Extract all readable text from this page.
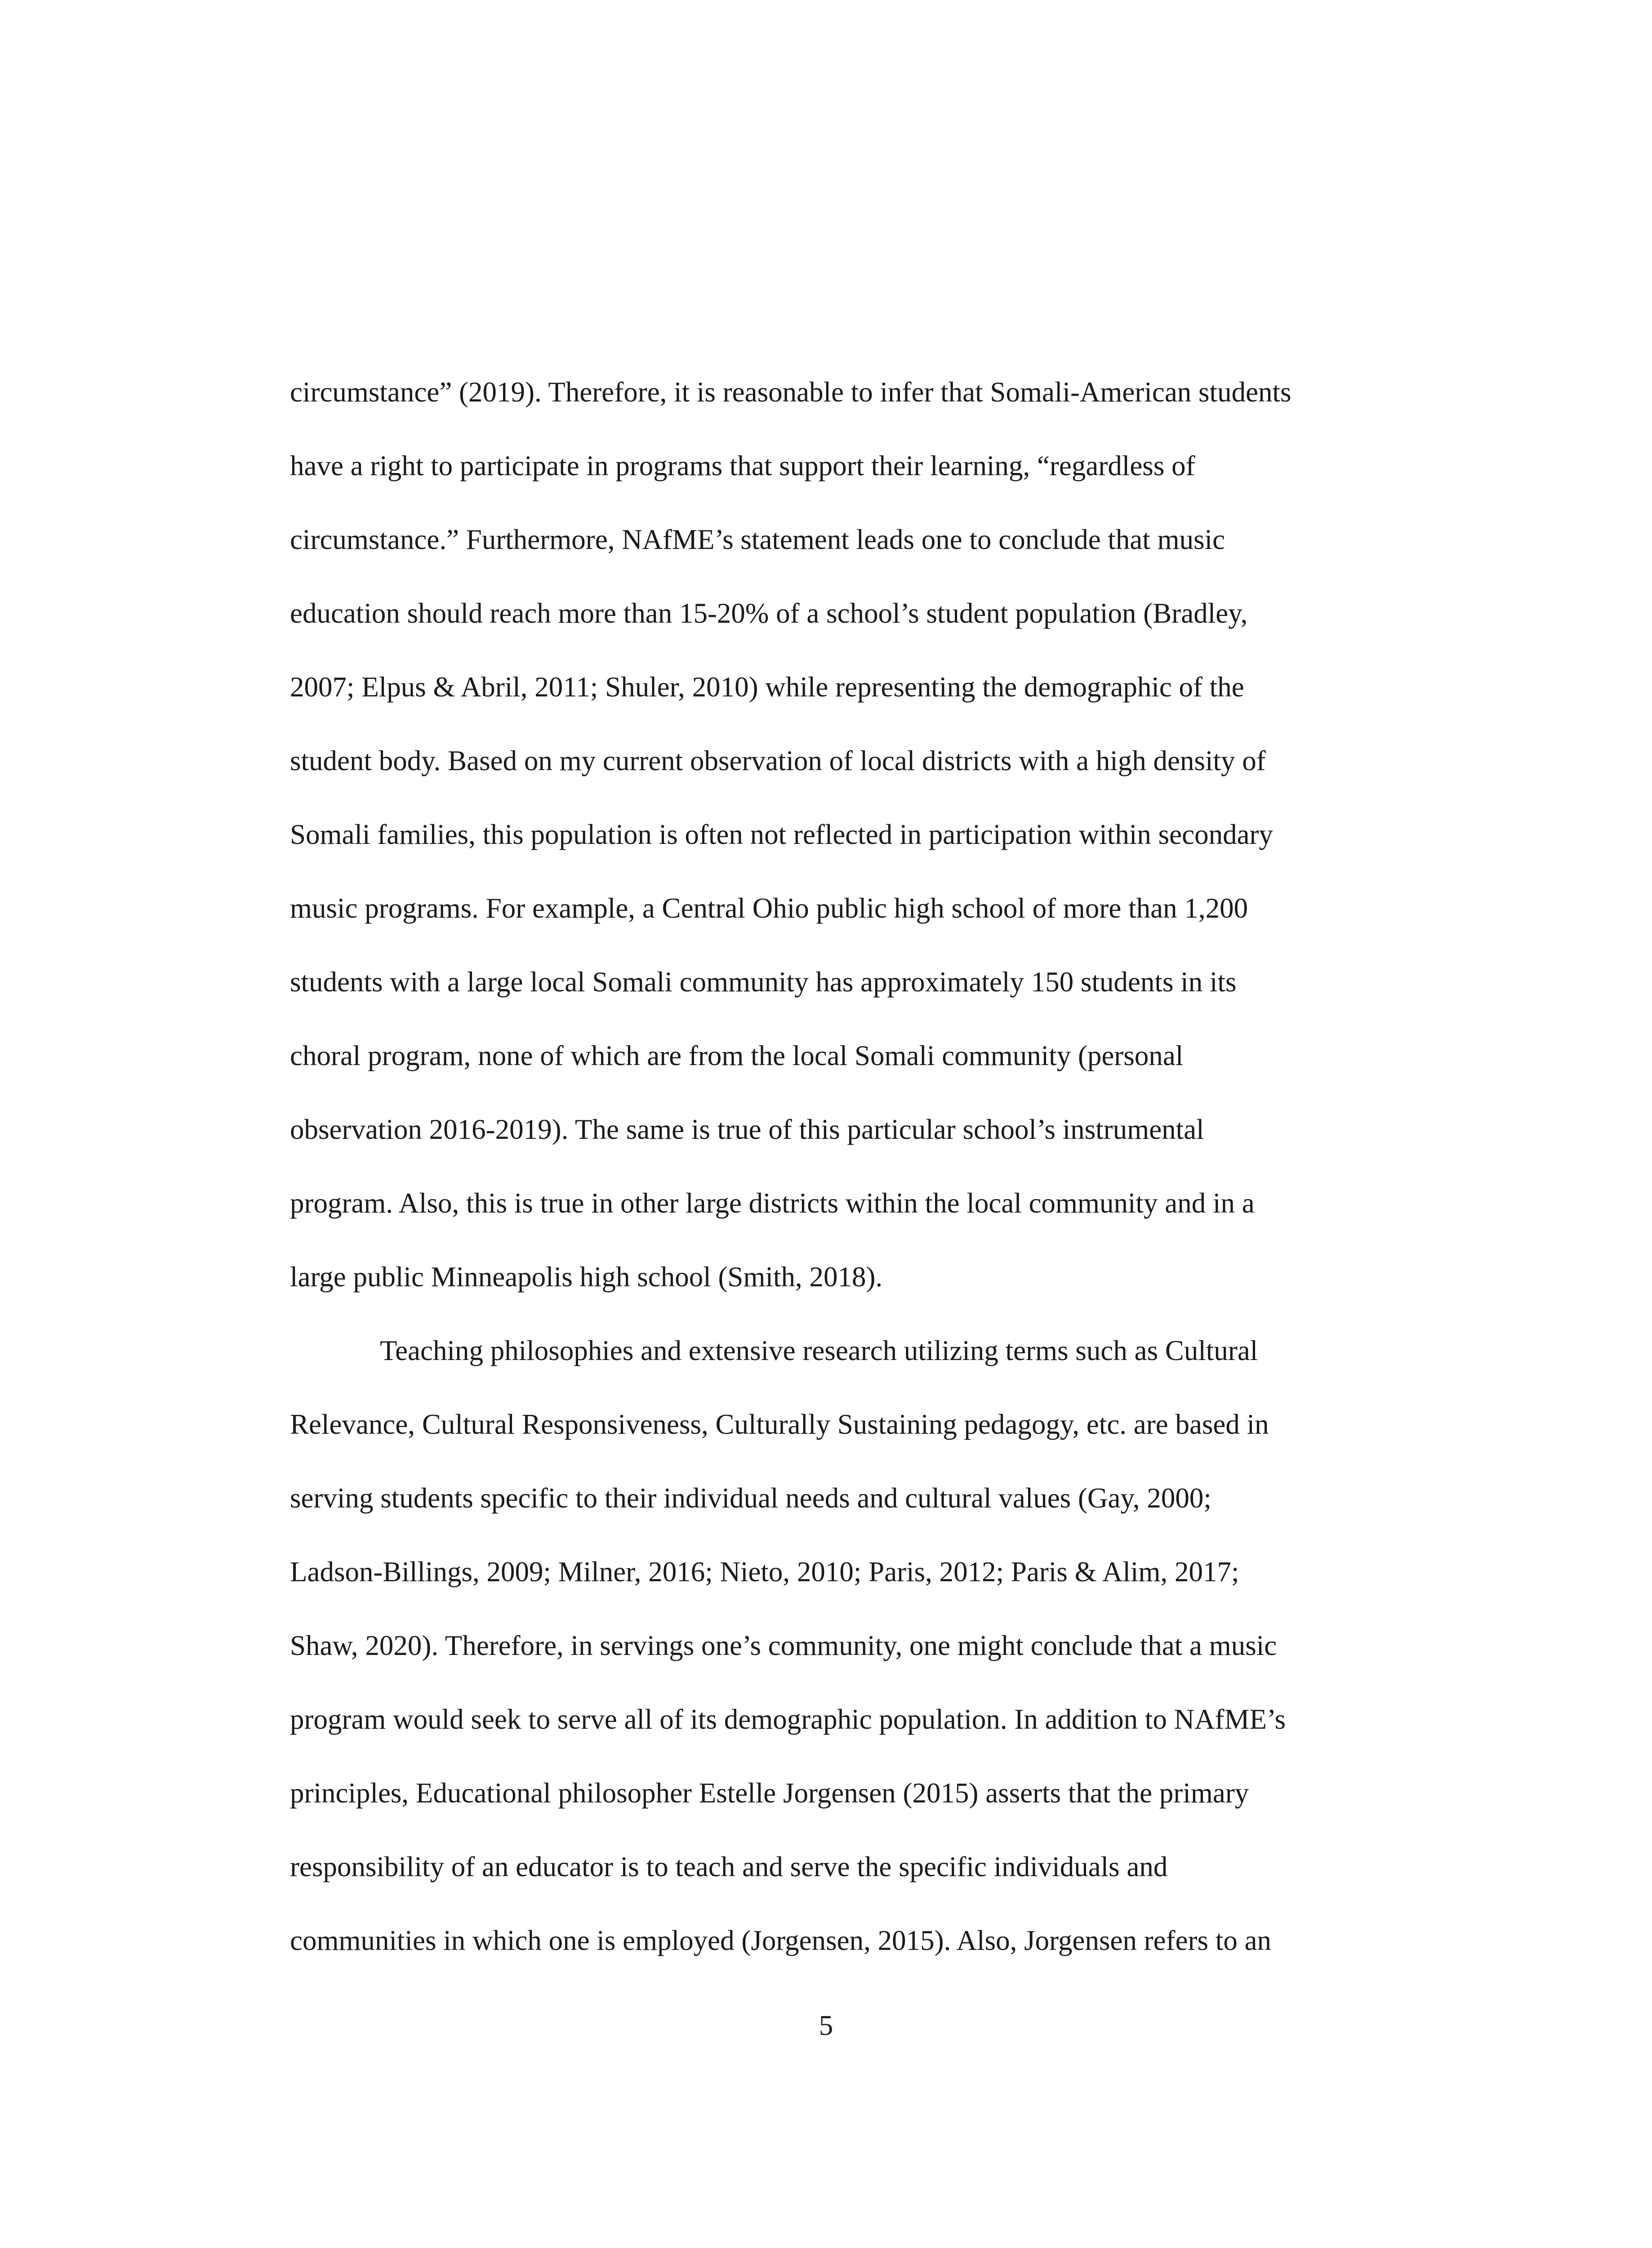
circumstance” (2019). Therefore, it is reasonable to infer that Somali-American students
have a right to participate in programs that support their learning, “regardless of
circumstance.” Furthermore, NAfME’s statement leads one to conclude that music
education should reach more than 15-20% of a school’s student population (Bradley,
2007; Elpus & Abril, 2011; Shuler, 2010) while representing the demographic of the
student body. Based on my current observation of local districts with a high density of
Somali families, this population is often not reflected in participation within secondary
music programs. For example, a Central Ohio public high school of more than 1,200
students with a large local Somali community has approximately 150 students in its
choral program, none of which are from the local Somali community (personal
observation 2016-2019). The same is true of this particular school’s instrumental
program. Also, this is true in other large districts within the local community and in a
large public Minneapolis high school (Smith, 2018).
Teaching philosophies and extensive research utilizing terms such as Cultural
Relevance, Cultural Responsiveness, Culturally Sustaining pedagogy, etc. are based in
serving students specific to their individual needs and cultural values (Gay, 2000;
Ladson-Billings, 2009; Milner, 2016; Nieto, 2010; Paris, 2012; Paris & Alim, 2017;
Shaw, 2020). Therefore, in servings one’s community, one might conclude that a music
program would seek to serve all of its demographic population. In addition to NAfME’s
principles, Educational philosopher Estelle Jorgensen (2015) asserts that the primary
responsibility of an educator is to teach and serve the specific individuals and
communities in which one is employed (Jorgensen, 2015). Also, Jorgensen refers to an
5
